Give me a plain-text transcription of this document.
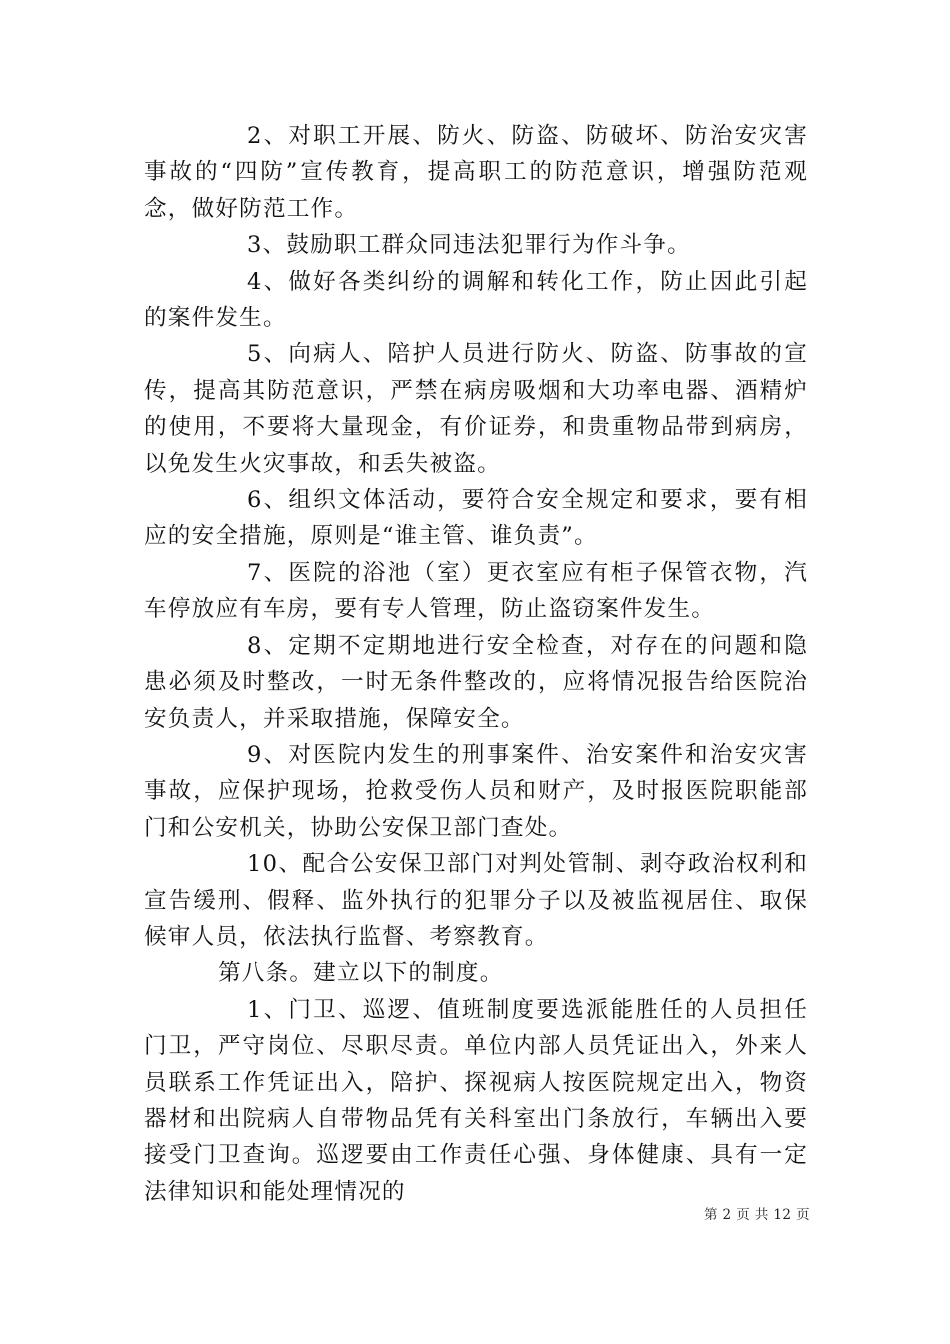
2、对职工开展、防火、防盗、防破坏、防治安灾害事故的“四防”宣传教育，提高职工的防范意识，增强防范观念，做好防范工作。

3、鼓励职工群众同违法犯罪行为作斗争。

4、做好各类纠纷的调解和转化工作，防止因此引起的案件发生。

5、向病人、陪护人员进行防火、防盗、防事故的宣传，提高其防范意识，严禁在病房吸烟和大功率电器、酒精炉的使用，不要将大量现金，有价证券，和贵重物品带到病房，以免发生火灾事故，和丢失被盗。

6、组织文体活动，要符合安全规定和要求，要有相应的安全措施，原则是“谁主管、谁负责”。

7、医院的浴池（室）更衣室应有柜子保管衣物，汽车停放应有车房，要有专人管理，防止盗窃案件发生。

8、定期不定期地进行安全检查，对存在的问题和隐患必须及时整改，一时无条件整改的，应将情况报告给医院治安负责人，并采取措施，保障安全。

9、对医院内发生的刑事案件、治安案件和治安灾害事故，应保护现场，抢救受伤人员和财产，及时报医院职能部门和公安机关，协助公安保卫部门查处。

10、配合公安保卫部门对判处管制、剥夺政治权利和宣告缓刑、假释、监外执行的犯罪分子以及被监视居住、取保候审人员，依法执行监督、考察教育。

第八条。建立以下的制度。

1、门卫、巡逻、值班制度要选派能胜任的人员担任门卫，严守岗位、尽职尽责。单位内部人员凭证出入，外来人员联系工作凭证出入，陪护、探视病人按医院规定出入，物资器材和出院病人自带物品凭有关科室出门条放行，车辆出入要接受门卫查询。巡逻要由工作责任心强、身体健康、具有一定法律知识和能处理情况的

第 2 页 共 12 页
